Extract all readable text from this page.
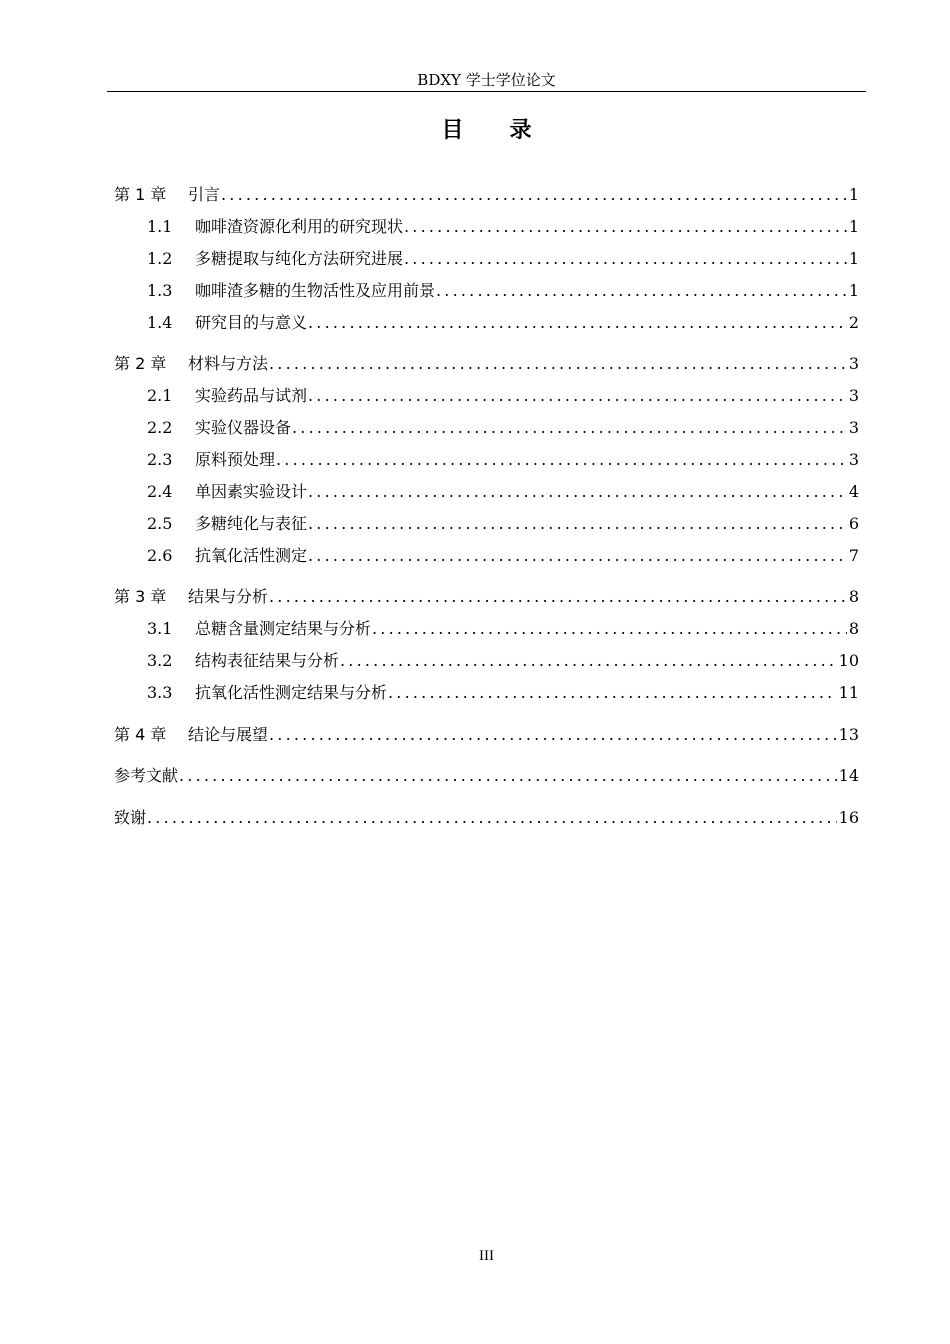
BDXY 学士学位论文
目 录
第 1 章	引言 .....	1
1.1	咖啡渣资源化利用的研究现状 .....	1
1.2	多糖提取与纯化方法研究进展 .....	1
1.3	咖啡渣多糖的生物活性及应用前景 .....	1
1.4	研究目的与意义 .....	2
第 2 章	材料与方法 .....	3
2.1	实验药品与试剂 .....	3
2.2	实验仪器设备 .....	3
2.3	原料预处理 .....	3
2.4	单因素实验设计 .....	4
2.5	多糖纯化与表征 .....	6
2.6	抗氧化活性测定 .....	7
第 3 章	结果与分析 .....	8
3.1	总糖含量测定结果与分析 .....	8
3.2	结构表征结果与分析 .....	10
3.3	抗氧化活性测定结果与分析 .....	11
第 4 章	结论与展望 .....	13
参考文献 .....	14
致谢 .....	16
III
